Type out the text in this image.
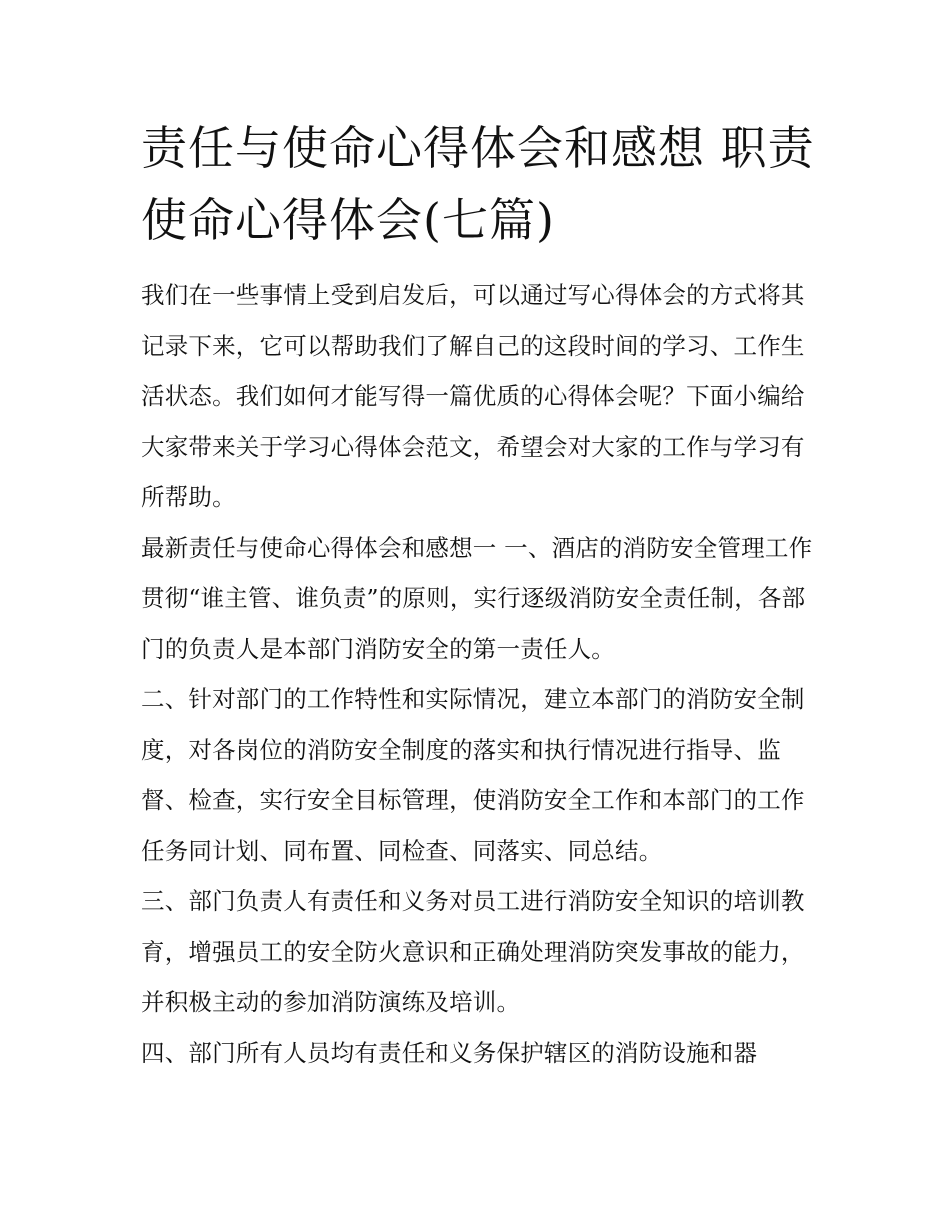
责任与使命心得体会和感想 职责使命心得体会(七篇)

我们在一些事情上受到启发后，可以通过写心得体会的方式将其记录下来，它可以帮助我们了解自己的这段时间的学习、工作生活状态。我们如何才能写得一篇优质的心得体会呢？下面小编给大家带来关于学习心得体会范文，希望会对大家的工作与学习有所帮助。

最新责任与使命心得体会和感想一 一、酒店的消防安全管理工作贯彻“谁主管、谁负责”的原则，实行逐级消防安全责任制，各部门的负责人是本部门消防安全的第一责任人。

二、针对部门的工作特性和实际情况，建立本部门的消防安全制度，对各岗位的消防安全制度的落实和执行情况进行指导、监督、检查，实行安全目标管理，使消防安全工作和本部门的工作任务同计划、同布置、同检查、同落实、同总结。

三、部门负责人有责任和义务对员工进行消防安全知识的培训教育，增强员工的安全防火意识和正确处理消防突发事故的能力，并积极主动的参加消防演练及培训。

四、部门所有人员均有责任和义务保护辖区的消防设施和器
